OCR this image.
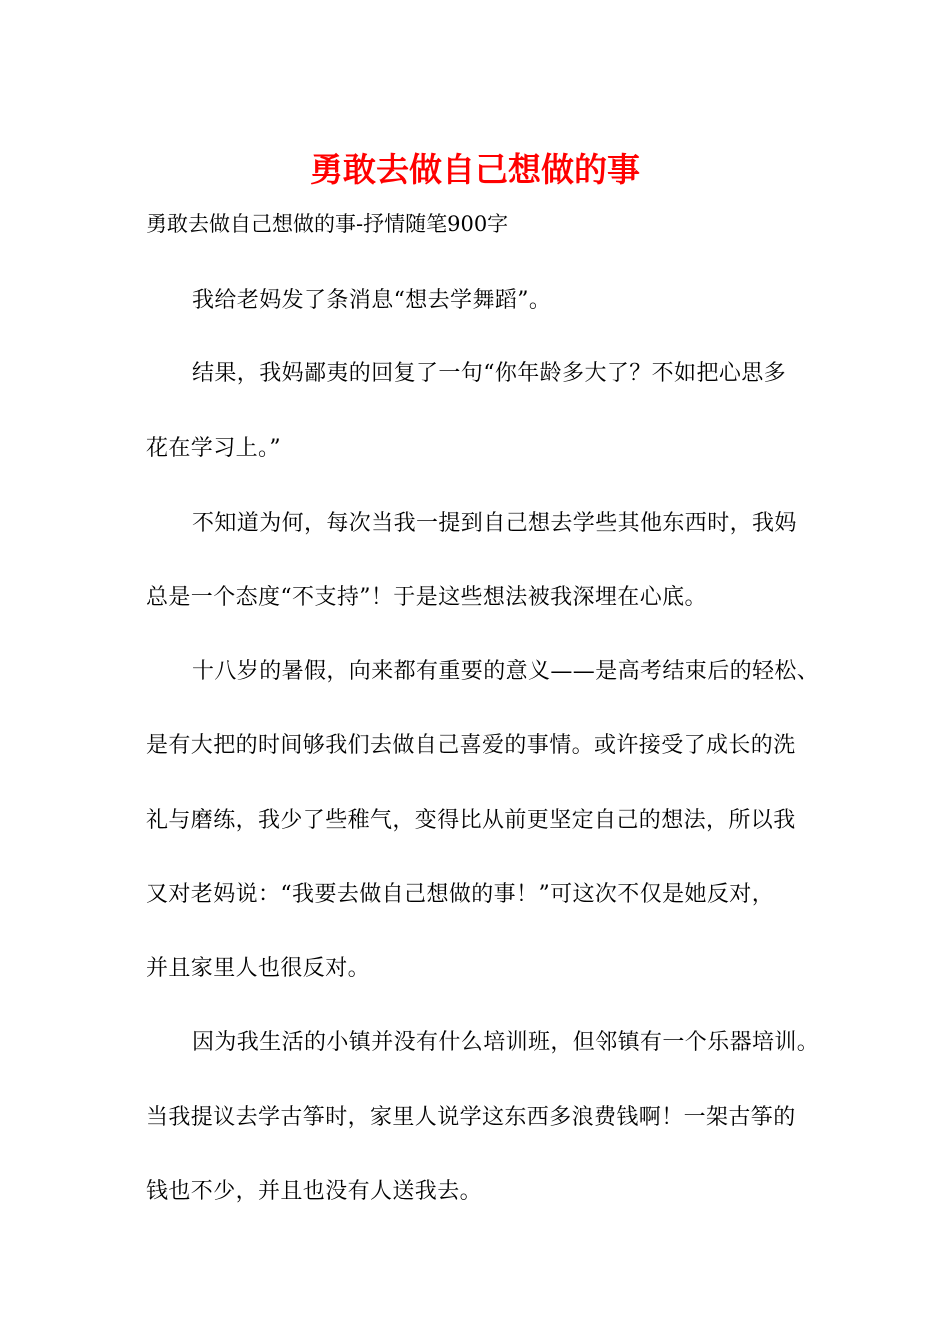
勇敢去做自己想做的事

勇敢去做自己想做的事-抒情随笔900字

我给老妈发了条消息“想去学舞蹈”。

结果，我妈鄙夷的回复了一句“你年龄多大了？不如把心思多

花在学习上。”

不知道为何，每次当我一提到自己想去学些其他东西时，我妈

总是一个态度“不支持”！于是这些想法被我深埋在心底。

十八岁的暑假，向来都有重要的意义——是高考结束后的轻松、

是有大把的时间够我们去做自己喜爱的事情。或许接受了成长的洗

礼与磨练，我少了些稚气，变得比从前更坚定自己的想法，所以我

又对老妈说：“我要去做自己想做的事！”可这次不仅是她反对，

并且家里人也很反对。

因为我生活的小镇并没有什么培训班，但邻镇有一个乐器培训。

当我提议去学古筝时，家里人说学这东西多浪费钱啊！一架古筝的

钱也不少，并且也没有人送我去。
